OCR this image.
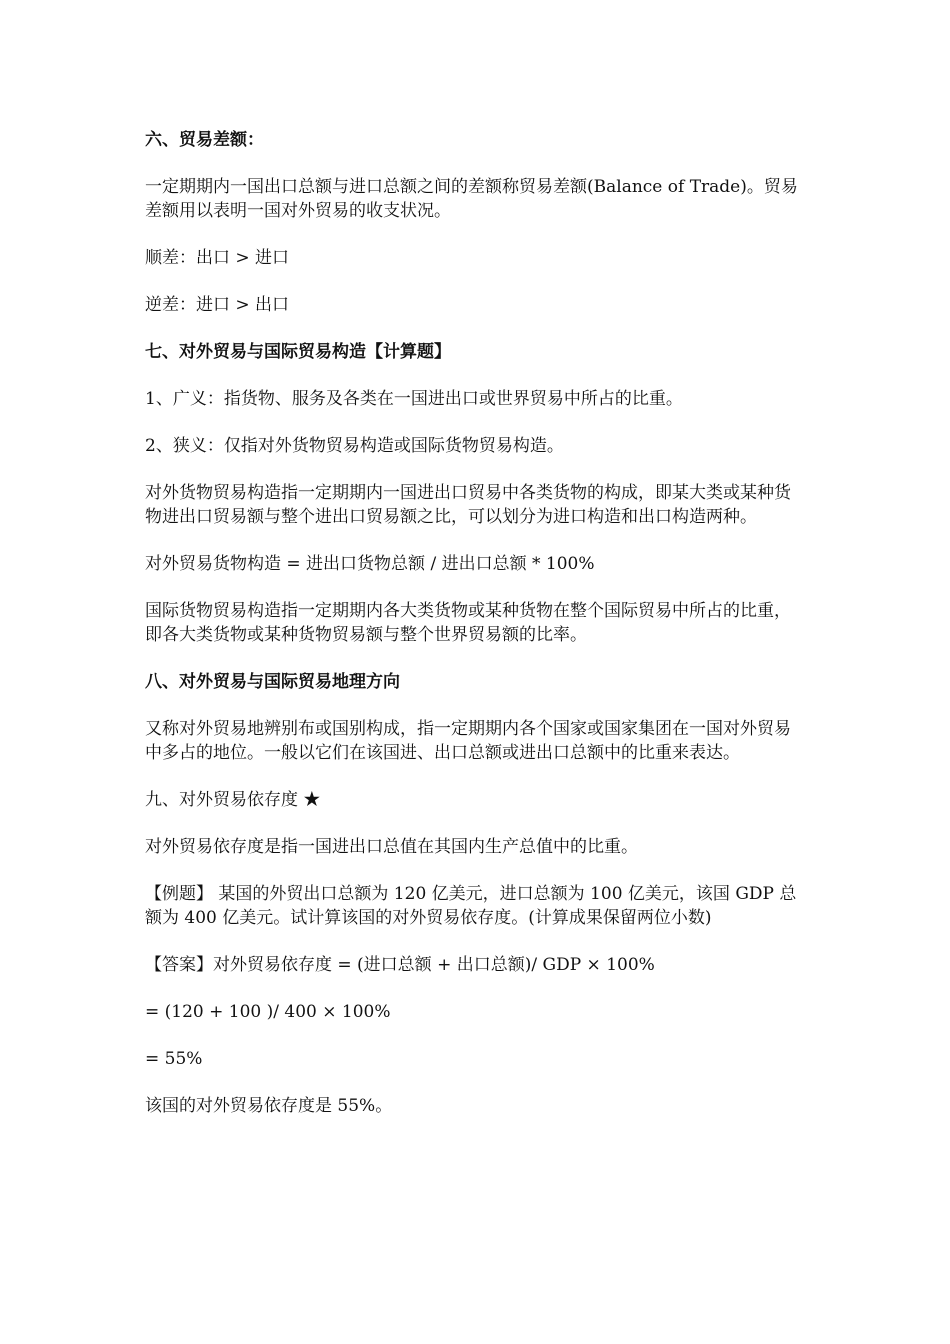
六、贸易差额：
一定期期内一国出口总额与进口总额之间的差额称贸易差额(Balance of Trade)。贸易差额用以表明一国对外贸易的收支状况。
顺差：出口 > 进口
逆差：进口 > 出口
七、对外贸易与国际贸易构造【计算题】
1、广义：指货物、服务及各类在一国进出口或世界贸易中所占的比重。
2、狭义：仅指对外货物贸易构造或国际货物贸易构造。
对外货物贸易构造指一定期期内一国进出口贸易中各类货物的构成，即某大类或某种货物进出口贸易额与整个进出口贸易额之比，可以划分为进口构造和出口构造两种。
对外贸易货物构造 = 进出口货物总额 / 进出口总额 * 100%
国际货物贸易构造指一定期期内各大类货物或某种货物在整个国际贸易中所占的比重，即各大类货物或某种货物贸易额与整个世界贸易额的比率。
八、对外贸易与国际贸易地理方向
又称对外贸易地辨别布或国别构成，指一定期期内各个国家或国家集团在一国对外贸易中多占的地位。一般以它们在该国进、出口总额或进出口总额中的比重来表达。
九、对外贸易依存度 ★
对外贸易依存度是指一国进出口总值在其国内生产总值中的比重。
【例题】 某国的外贸出口总额为 120 亿美元，进口总额为 100 亿美元，该国 GDP 总额为 400 亿美元。试计算该国的对外贸易依存度。(计算成果保留两位小数)
【答案】对外贸易依存度 = (进口总额 + 出口总额)/ GDP × 100%
= (120 + 100 )/ 400 × 100%
= 55%
该国的对外贸易依存度是 55%。
